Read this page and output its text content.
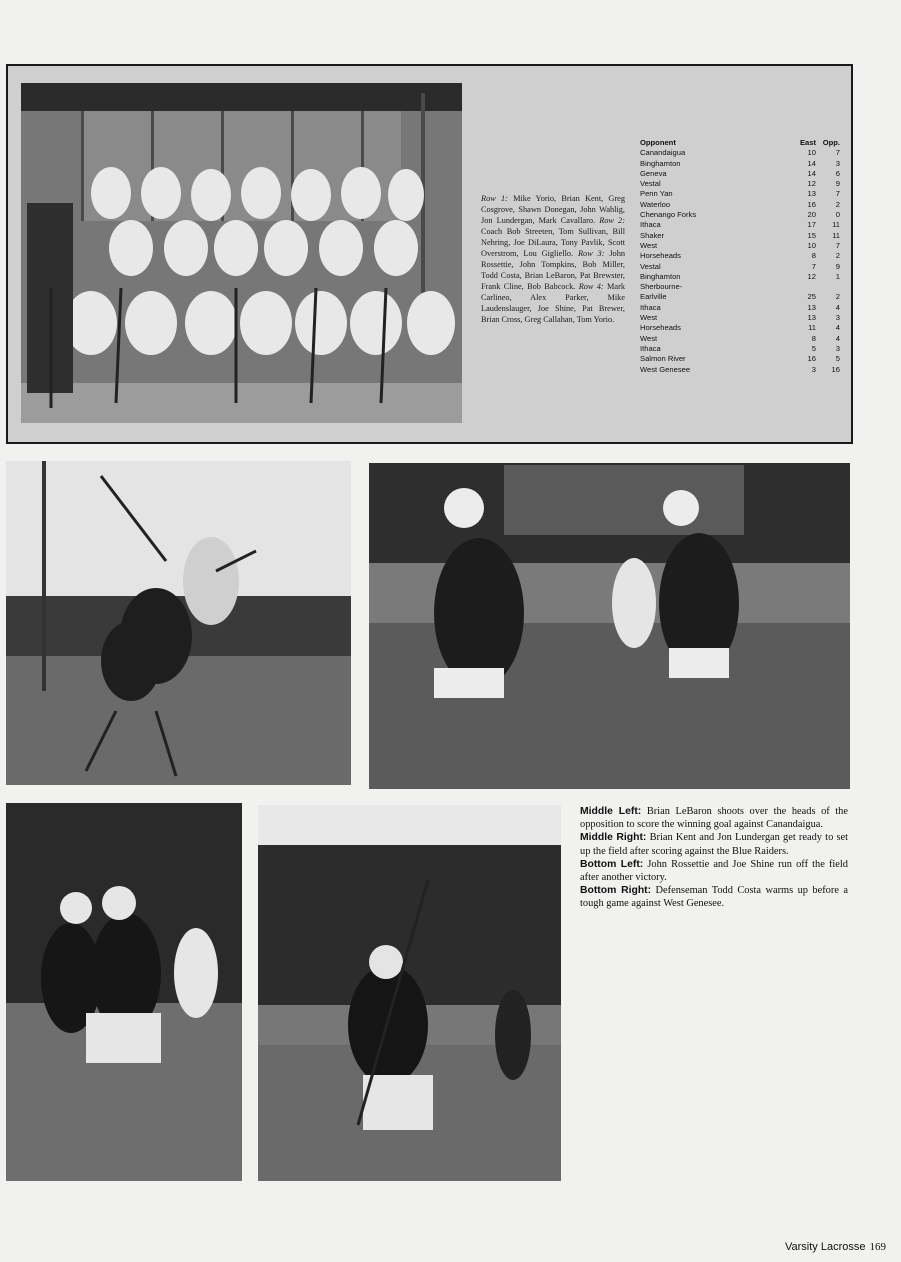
Row 1: Mike Yorio, Brian Kent, Greg Cosgrove, Shawn Donegan, John Wahlig, Jon Lundergan, Mark Cavallaro. Row 2: Coach Bob Streeten, Tom Sullivan, Bill Nehring, Joe DiLaura, Tony Pavlik, Scott Overstrom, Lou Gigliello. Row 3: John Rossettie, John Tompkins, Bob Miller, Todd Costa, Brian LeBaron, Pat Brewster, Frank Cline, Bob Babcock. Row 4: Mark Carlineo, Alex Parker, Mike Laudenslauger, Joe Shine, Pat Brewer, Brian Cross, Greg Callahan, Tom Yorio.
Opponent	East Opp.
Canandaigua	10	7
Binghamton	14	3
Geneva	14	6
Vestal	12	9
Penn Yan	13	7
Waterloo	16	2
Chenango Forks	20	0
Ithaca	17	11
Shaker	15	11
West	10	7
Horseheads	8	2
Vestal	7	9
Binghamton	12	1
Sherbourne-
Earlville	25	2
Ithaca	13	4
West	13	3
Horseheads	11	4
West	8	4
Ithaca	5	3
Salmon River	16	5
West Genesee	3	16

Middle Left: Brian LeBaron shoots over the heads of the opposition to score the winning goal against Canandaigua.

Middle Right: Brian Kent and Jon Lundergan get ready to set up the field after scoring against the Blue Raiders.

Bottom Left: John Rossettie and Joe Shine run off the field after another victory.

Bottom Right: Defenseman Todd Costa warms up before a tough game against West Genesee.

Varsity Lacrosse 169
